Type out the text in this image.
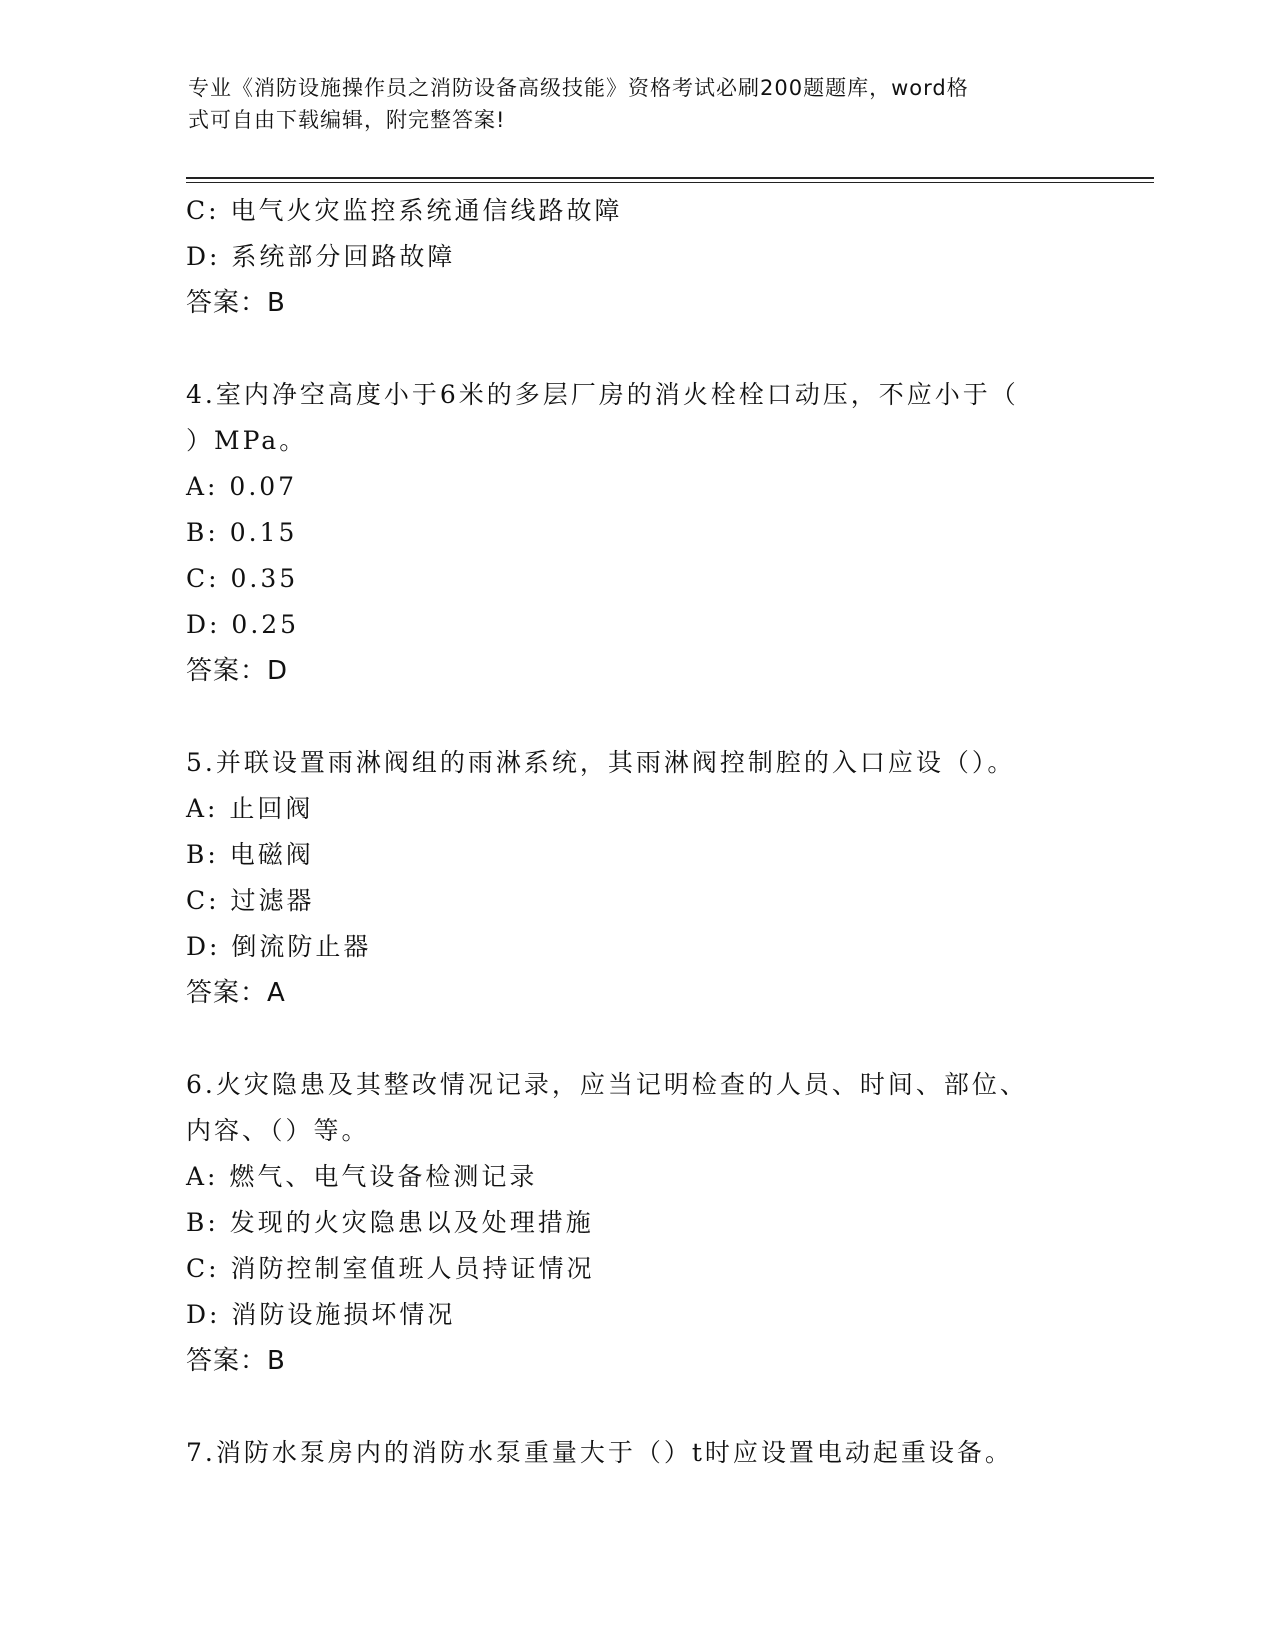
专业《消防设施操作员之消防设备高级技能》资格考试必刷200题题库，word格
式可自由下载编辑，附完整答案!
C: 电气火灾监控系统通信线路故障
D: 系统部分回路故障
答案：B
4.室内净空高度小于6米的多层厂房的消火栓栓口动压，不应小于（
）MPa。
A: 0.07
B: 0.15
C: 0.35
D: 0.25
答案：D
5.并联设置雨淋阀组的雨淋系统，其雨淋阀控制腔的入口应设（）。
A: 止回阀
B: 电磁阀
C: 过滤器
D: 倒流防止器
答案：A
6.火灾隐患及其整改情况记录，应当记明检查的人员、时间、部位、
内容、（）等。
A: 燃气、电气设备检测记录
B: 发现的火灾隐患以及处理措施
C: 消防控制室值班人员持证情况
D: 消防设施损坏情况
答案：B
7.消防水泵房内的消防水泵重量大于（）t时应设置电动起重设备。
